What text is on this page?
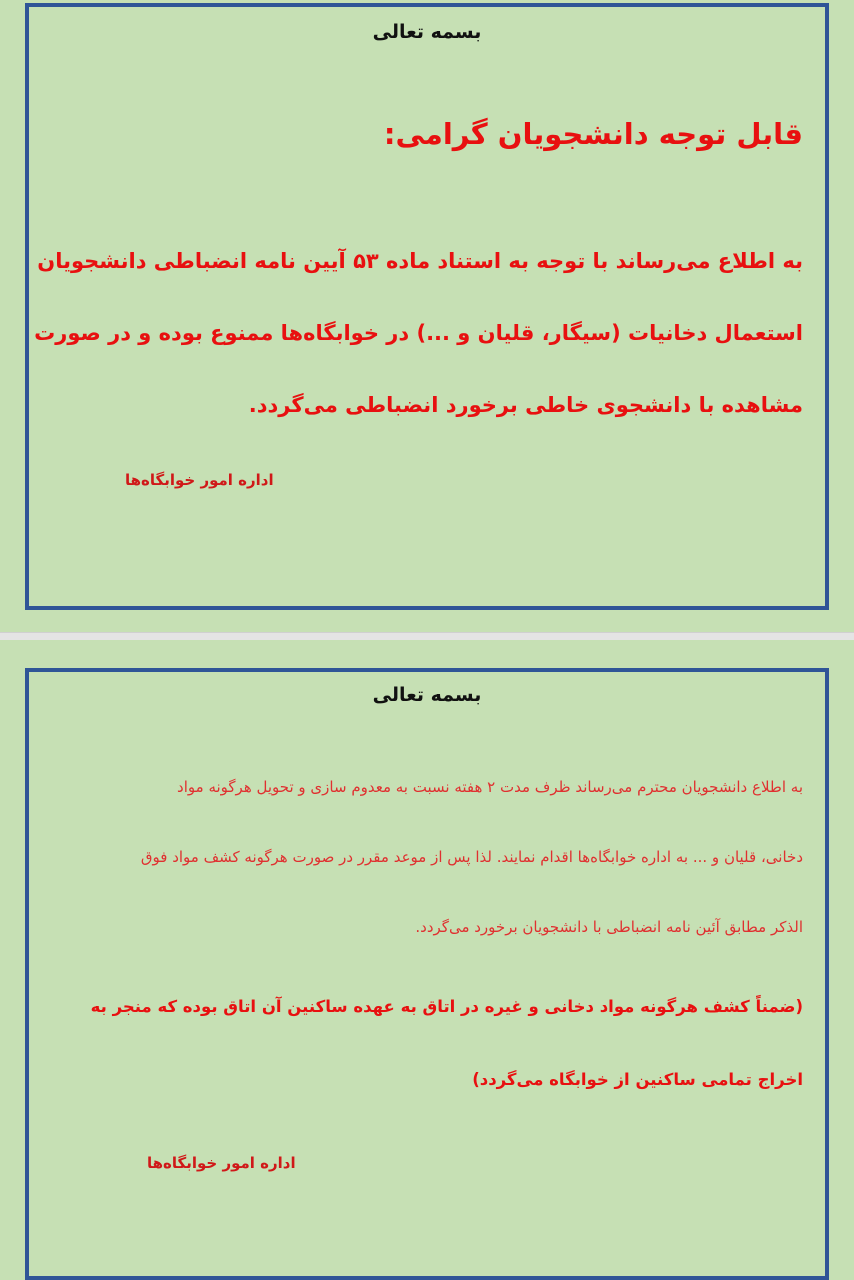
بسمه تعالی
قابل توجه دانشجویان گرامی:
به اطلاع می‌رساند با توجه به استناد ماده ۵۳ آیین نامه انضباطی دانشجویان
استعمال دخانیات (سیگار، قلیان و ...) در خوابگاه‌ها ممنوع بوده و در صورت
مشاهده با دانشجوی خاطی برخورد انضباطی می‌گردد.
اداره امور خوابگاه‌ها
بسمه تعالی
به اطلاع دانشجویان محترم می‌رساند ظرف مدت ۲ هفته نسبت به معدوم سازی و تحویل هرگونه مواد
دخانی، قلیان و ... به اداره خوابگاه‌ها اقدام نمایند. لذا پس از موعد مقرر در صورت هرگونه کشف مواد فوق
الذکر مطابق آئین نامه انضباطی با دانشجویان برخورد می‌گردد.
(ضمناً کشف هرگونه مواد دخانی و غیره در اتاق به عهده ساکنین آن اتاق بوده که منجر به
اخراج تمامی ساکنین از خوابگاه می‌گردد)
اداره امور خوابگاه‌ها
